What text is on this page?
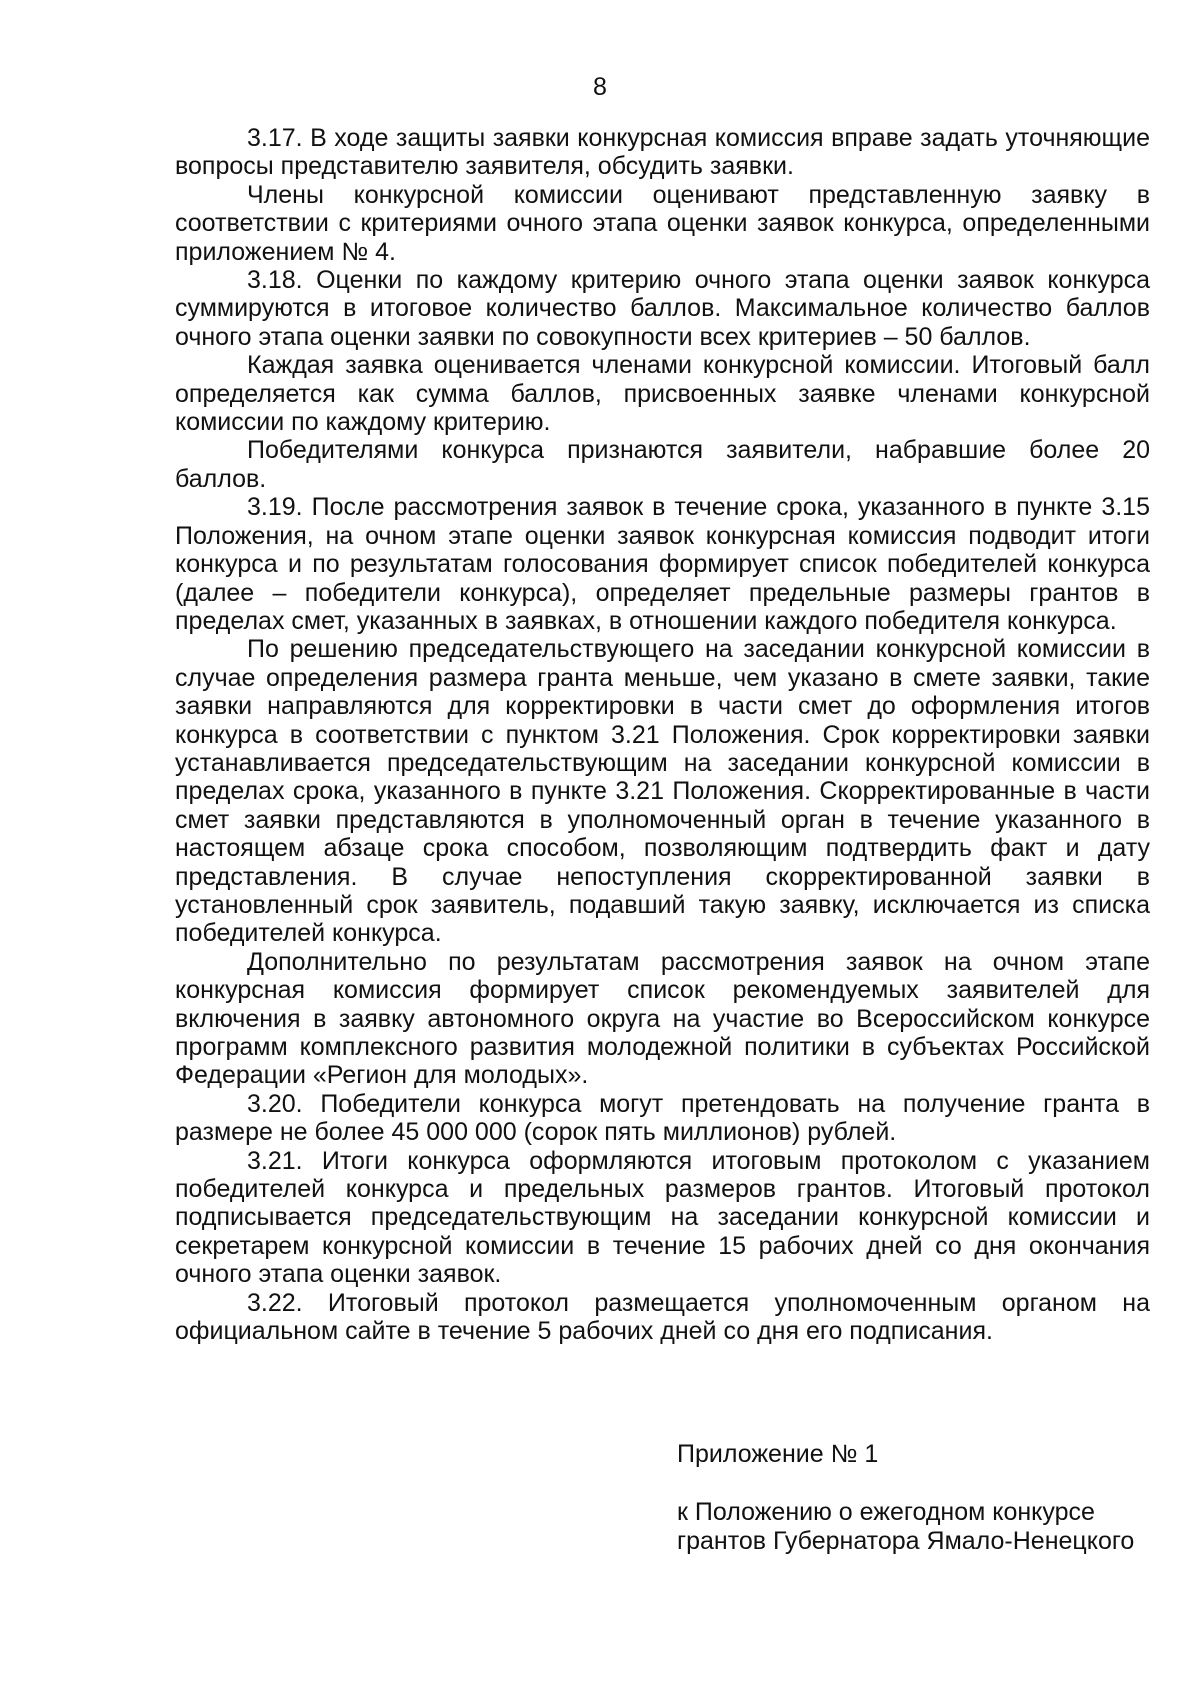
8

3.17. В ходе защиты заявки конкурсная комиссия вправе задать уточняющие вопросы представителю заявителя, обсудить заявки.

Члены конкурсной комиссии оценивают представленную заявку в соответствии с критериями очного этапа оценки заявок конкурса, определенными приложением № 4.

3.18. Оценки по каждому критерию очного этапа оценки заявок конкурса суммируются в итоговое количество баллов. Максимальное количество баллов очного этапа оценки заявки по совокупности всех критериев – 50 баллов.

Каждая заявка оценивается членами конкурсной комиссии. Итоговый балл определяется как сумма баллов, присвоенных заявке членами конкурсной комиссии по каждому критерию.

Победителями конкурса признаются заявители, набравшие более 20 баллов.

3.19. После рассмотрения заявок в течение срока, указанного в пункте 3.15 Положения, на очном этапе оценки заявок конкурсная комиссия подводит итоги конкурса и по результатам голосования формирует список победителей конкурса (далее – победители конкурса), определяет предельные размеры грантов в пределах смет, указанных в заявках, в отношении каждого победителя конкурса.

По решению председательствующего на заседании конкурсной комиссии в случае определения размера гранта меньше, чем указано в смете заявки, такие заявки направляются для корректировки в части смет до оформления итогов конкурса в соответствии с пунктом 3.21 Положения. Срок корректировки заявки устанавливается председательствующим на заседании конкурсной комиссии в пределах срока, указанного в пункте 3.21 Положения. Скорректированные в части смет заявки представляются в уполномоченный орган в течение указанного в настоящем абзаце срока способом, позволяющим подтвердить факт и дату представления. В случае непоступления скорректированной заявки в установленный срок заявитель, подавший такую заявку, исключается из списка победителей конкурса.

Дополнительно по результатам рассмотрения заявок на очном этапе конкурсная комиссия формирует список рекомендуемых заявителей для включения в заявку автономного округа на участие во Всероссийском конкурсе программ комплексного развития молодежной политики в субъектах Российской Федерации «Регион для молодых».

3.20. Победители конкурса могут претендовать на получение гранта в размере не более 45 000 000 (сорок пять миллионов) рублей.

3.21. Итоги конкурса оформляются итоговым протоколом с указанием победителей конкурса и предельных размеров грантов. Итоговый протокол подписывается председательствующим на заседании конкурсной комиссии и секретарем конкурсной комиссии в течение 15 рабочих дней со дня окончания очного этапа оценки заявок.

3.22. Итоговый протокол размещается уполномоченным органом на официальном сайте в течение 5 рабочих дней со дня его подписания.

Приложение № 1

к Положению о ежегодном конкурсе

грантов Губернатора Ямало-Ненецкого
